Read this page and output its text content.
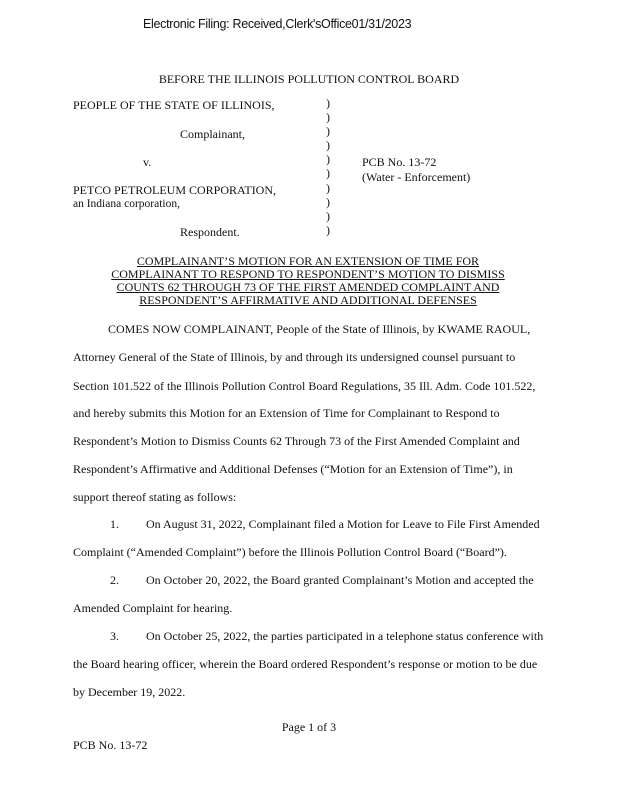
Electronic Filing: Received,Clerk'sOffice01/31/2023
BEFORE THE ILLINOIS POLLUTION CONTROL BOARD
PEOPLE OF THE STATE OF ILLINOIS,
Complainant,
v.
PETCO PETROLEUM CORPORATION,
an Indiana corporation,
Respondent.
)
)
)
)
)
)
)
)
)
)
PCB No. 13-72
(Water - Enforcement)
COMPLAINANT’S MOTION FOR AN EXTENSION OF TIME FOR
COMPLAINANT TO RESPOND TO RESPONDENT’S MOTION TO DISMISS
COUNTS 62 THROUGH 73 OF THE FIRST AMENDED COMPLAINT AND
RESPONDENT’S AFFIRMATIVE AND ADDITIONAL DEFENSES
COMES NOW COMPLAINANT, People of the State of Illinois, by KWAME RAOUL,
Attorney General of the State of Illinois, by and through its undersigned counsel pursuant to
Section 101.522 of the Illinois Pollution Control Board Regulations, 35 Ill. Adm. Code 101.522,
and hereby submits this Motion for an Extension of Time for Complainant to Respond to
Respondent’s Motion to Dismiss Counts 62 Through 73 of the First Amended Complaint and
Respondent’s Affirmative and Additional Defenses (“Motion for an Extension of Time”), in
support thereof stating as follows:
1. On August 31, 2022, Complainant filed a Motion for Leave to File First Amended
Complaint (“Amended Complaint”) before the Illinois Pollution Control Board (“Board”).
2. On October 20, 2022, the Board granted Complainant’s Motion and accepted the
Amended Complaint for hearing.
3. On October 25, 2022, the parties participated in a telephone status conference with
the Board hearing officer, wherein the Board ordered Respondent’s response or motion to be due
by December 19, 2022.
Page 1 of 3
PCB No. 13-72
